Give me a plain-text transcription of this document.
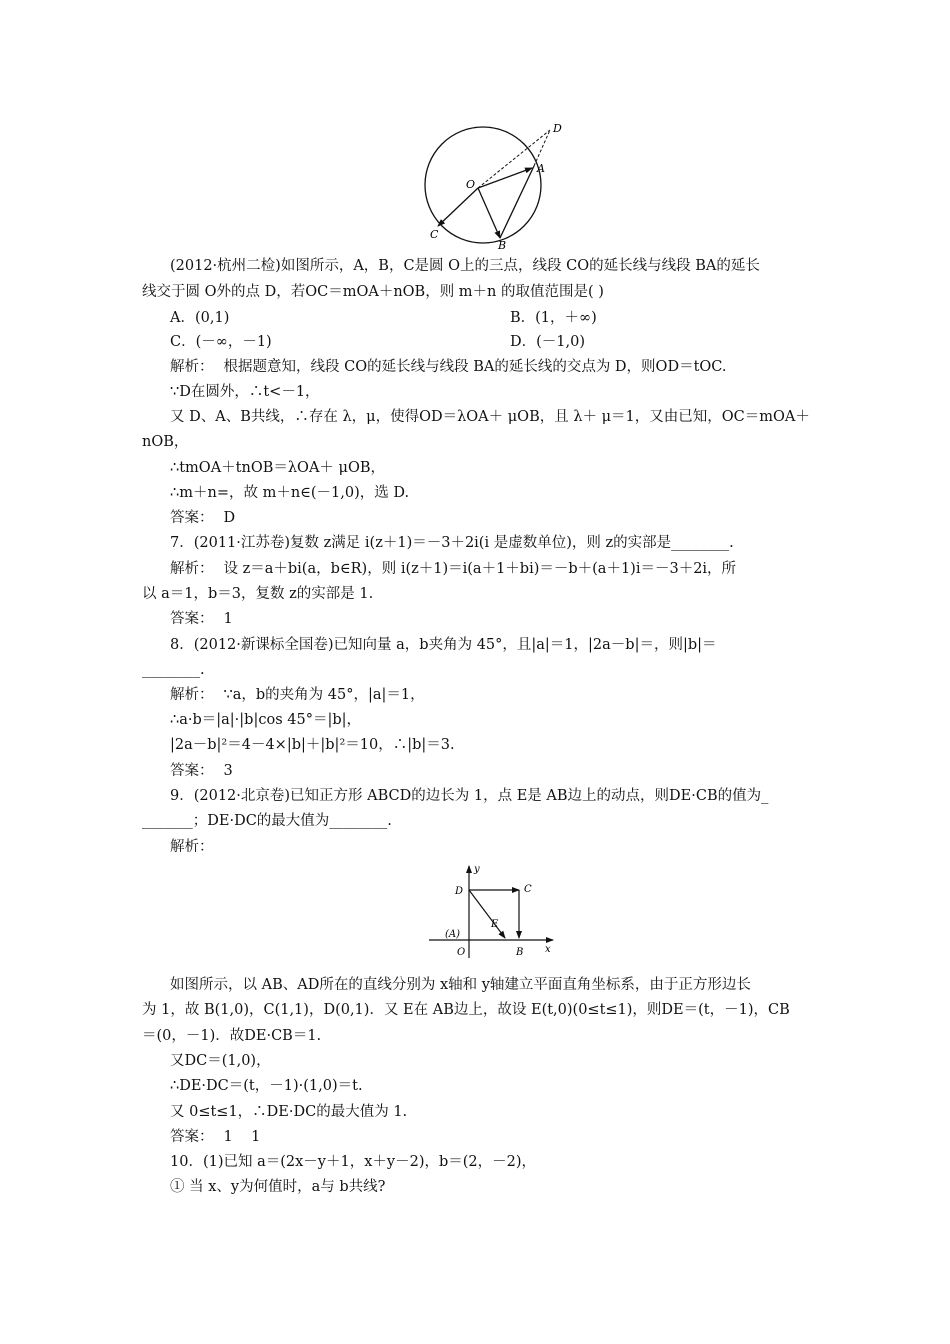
O
A
B
C
D
(2012·杭州二检)如图所示，A，B，C是圆 O上的三点，线段 CO的延长线与线段 BA的延长
线交于圆 O外的点 D，若OC＝mOA＋nOB，则 m＋n 的取值范围是( )
A．(0,1)	B．(1，＋∞)
C．(－∞，－1)	D．(－1,0)
解析： 根据题意知，线段 CO的延长线与线段 BA的延长线的交点为 D，则OD＝tOC.
∵D在圆外，∴t<－1，
又 D、A、B共线，∴存在 λ，μ，使得OD＝λOA＋ μOB，且 λ＋ μ＝1，又由已知，OC＝mOA＋
nOB，
∴tmOA＋tnOB＝λOA＋ μOB，
∴m＋n=，故 m＋n∈(－1,0)，选 D.
答案： D
7．(2011·江苏卷)复数 z满足 i(z＋1)＝－3＋2i(i 是虚数单位)，则 z的实部是________.
解析： 设 z＝a＋bi(a，b∈R)，则 i(z＋1)＝i(a＋1＋bi)＝－b＋(a＋1)i＝－3＋2i，所
以 a＝1，b＝3，复数 z的实部是 1.
答案： 1
8．(2012·新课标全国卷)已知向量 a，b夹角为 45°，且|a|＝1，|2a－b|＝，则|b|＝
________.
解析： ∵a，b的夹角为 45°，|a|＝1，
∴a·b＝|a|·|b|cos 45°＝|b|，
|2a－b|²＝4－4×|b|＋|b|²＝10，∴|b|＝3.
答案： 3
9．(2012·北京卷)已知正方形 ABCD的边长为 1，点 E是 AB边上的动点，则DE·CB的值为_
_______；DE·DC的最大值为________.
解析：
y
x
D	C
E
(A)
O	B
如图所示，以 AB、AD所在的直线分别为 x轴和 y轴建立平面直角坐标系，由于正方形边长
为 1，故 B(1,0)，C(1,1)，D(0,1)．又 E在 AB边上，故设 E(t,0)(0≤t≤1)，则DE＝(t，－1)，CB
＝(0，－1)．故DE·CB＝1.
又DC＝(1,0)，
∴DE·DC＝(t，－1)·(1,0)＝t.
又 0≤t≤1，∴DE·DC的最大值为 1.
答案： 1    1
10．(1)已知 a＝(2x－y＋1，x＋y－2)，b＝(2，－2)，
① 当 x、y为何值时，a与 b共线?
